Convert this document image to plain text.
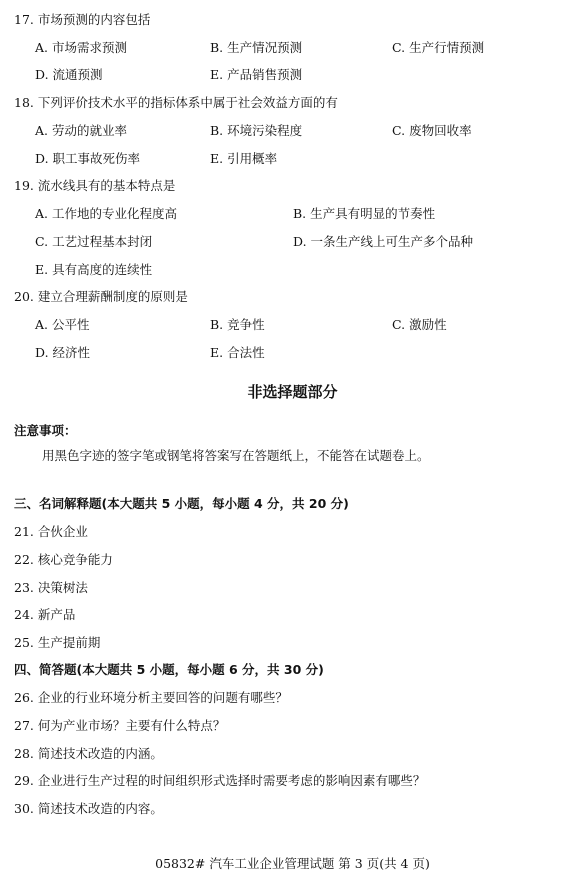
17. 市场预测的内容包括
A. 市场需求预测	B. 生产情况预测	C. 生产行情预测
D. 流通预测	E. 产品销售预测
18. 下列评价技术水平的指标体系中属于社会效益方面的有
A. 劳动的就业率	B. 环境污染程度	C. 废物回收率
D. 职工事故死伤率	E. 引用概率
19. 流水线具有的基本特点是
A. 工作地的专业化程度高	B. 生产具有明显的节奏性
C. 工艺过程基本封闭	D. 一条生产线上可生产多个品种
E. 具有高度的连续性
20. 建立合理薪酬制度的原则是
A. 公平性	B. 竞争性	C. 激励性
D. 经济性	E. 合法性
非选择题部分
注意事项：
用黑色字迹的签字笔或钢笔将答案写在答题纸上，不能答在试题卷上。
三、名词解释题(本大题共 5 小题，每小题 4 分，共 20 分)
21. 合伙企业
22. 核心竞争能力
23. 决策树法
24. 新产品
25. 生产提前期
四、简答题(本大题共 5 小题，每小题 6 分，共 30 分)
26. 企业的行业环境分析主要回答的问题有哪些？
27. 何为产业市场？主要有什么特点？
28. 简述技术改造的内涵。
29. 企业进行生产过程的时间组织形式选择时需要考虑的影响因素有哪些？
30. 简述技术改造的内容。
05832# 汽车工业企业管理试题 第 3 页(共 4 页)
